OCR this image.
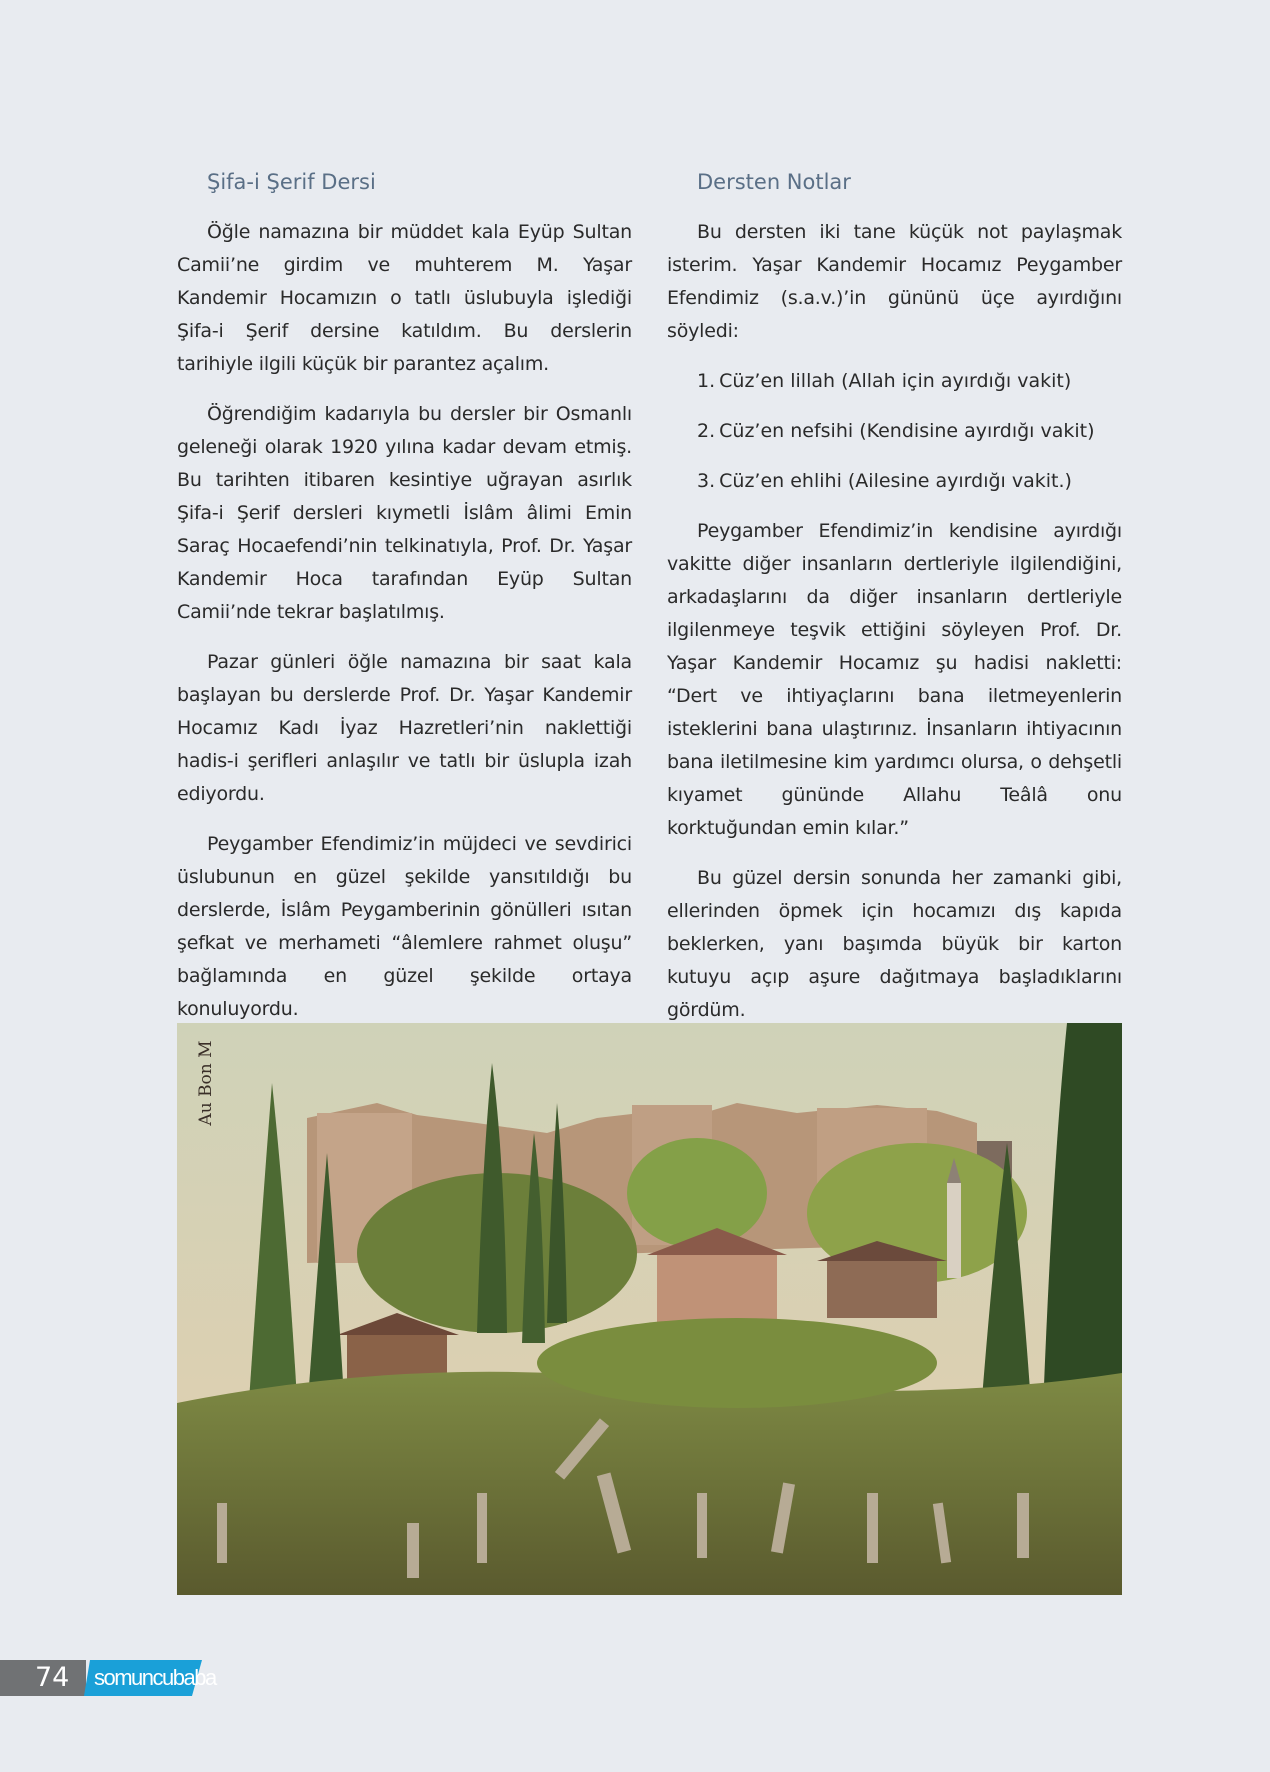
Şifa-i Şerif Dersi

Öğle namazına bir müddet kala Eyüp Sultan Camii’ne girdim ve muhterem M. Yaşar Kandemir Hocamızın o tatlı üslubuyla işlediği Şifa-i Şerif dersine katıldım. Bu derslerin tarihiyle ilgili küçük bir parantez açalım.

Öğrendiğim kadarıyla bu dersler bir Osmanlı geleneği olarak 1920 yılına kadar devam etmiş. Bu tarihten itibaren kesintiye uğrayan asırlık Şifa-i Şerif dersleri kıymetli İslâm âlimi Emin Saraç Hocaefendi’nin telkinatıyla, Prof. Dr. Yaşar Kandemir Hoca tarafından Eyüp Sultan Camii’nde tekrar başlatılmış.

Pazar günleri öğle namazına bir saat kala başlayan bu derslerde Prof. Dr. Yaşar Kandemir Hocamız Kadı İyaz Hazretleri’nin naklettiği hadis-i şerifleri anlaşılır ve tatlı bir üslupla izah ediyordu.

Peygamber Efendimiz’in müjdeci ve sevdirici üslubunun en güzel şekilde yansıtıldığı bu derslerde, İslâm Peygamberinin gönülleri ısıtan şefkat ve merhameti “âlemlere rahmet oluşu” bağlamında en güzel şekilde ortaya konuluyordu.

Dersten Notlar

Bu dersten iki tane küçük not paylaşmak isterim. Yaşar Kandemir Hocamız Peygamber Efendimiz (s.a.v.)’in gününü üçe ayırdığını söyledi:

1. Cüz’en lillah (Allah için ayırdığı vakit)
2. Cüz’en nefsihi (Kendisine ayırdığı vakit)
3. Cüz’en ehlihi (Ailesine ayırdığı vakit.)

Peygamber Efendimiz’in kendisine ayırdığı vakitte diğer insanların dertleriyle ilgilendiğini, arkadaşlarını da diğer insanların dertleriyle ilgilenmeye teşvik ettiğini söyleyen Prof. Dr. Yaşar Kandemir Hocamız şu hadisi nakletti: “Dert ve ihtiyaçlarını bana iletmeyenlerin isteklerini bana ulaştırınız. İnsanların ihtiyacının bana iletilmesine kim yardımcı olursa, o dehşetli kıyamet gününde Allahu Teâlâ onu korktuğundan emin kılar.”

Bu güzel dersin sonunda her zamanki gibi, ellerinden öpmek için hocamızı dış kapıda beklerken, yanı başımda büyük bir karton kutuyu açıp aşure dağıtmaya başladıklarını gördüm.

Au Bon M
74 somuncubaba
